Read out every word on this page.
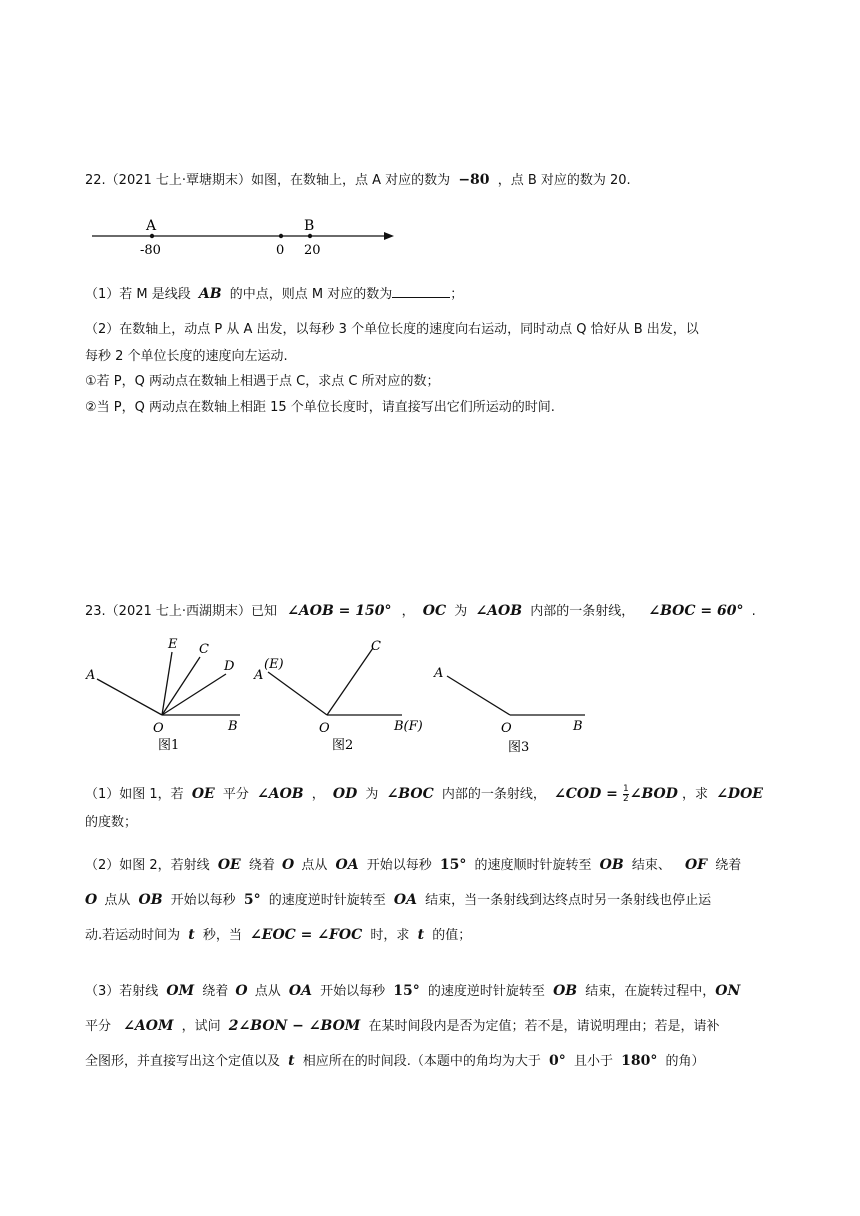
22.（2021 七上·覃塘期末）如图，在数轴上，点 A 对应的数为 −80 ，点 B 对应的数为 20.
A	B
-80	0 20
（1）若 M 是线段 AB 的中点，则点 M 对应的数为	；
（2）在数轴上，动点 P 从 A 出发，以每秒 3 个单位长度的速度向右运动，同时动点 Q 恰好从 B 出发，以
每秒 2 个单位长度的速度向左运动.
①若 P，Q 两动点在数轴上相遇于点 C，求点 C 所对应的数；
②当 P，Q 两动点在数轴上相距 15 个单位长度时，请直接写出它们所运动的时间.
23.（2021 七上·西湖期末）已知 ∠AOB = 150° ， OC 为 ∠AOB 内部的一条射线， ∠BOC = 60° .
A
E C
D
O	B
图1
A
(E)
C
O	B(F)
图2
A
O	B
图3
（1）如图 1，若 OE 平分 ∠AOB ， OD 为 ∠BOC 内部的一条射线， ∠COD = $\frac{1}{2}$ ∠BOD ，求 ∠DOE
的度数；
（2）如图 2，若射线 OE 绕着 O 点从 OA 开始以每秒 15° 的速度顺时针旋转至 OB 结束、 OF 绕着
O 点从 OB 开始以每秒 5° 的速度逆时针旋转至 OA 结束，当一条射线到达终点时另一条射线也停止运
动.若运动时间为 t 秒，当 ∠EOC = ∠FOC 时，求 t 的值；
（3）若射线 OM 绕着 O 点从 OA 开始以每秒 15° 的速度逆时针旋转至 OB 结束，在旋转过程中，ON
平分 ∠AOM ，试问 2∠BON − ∠BOM 在某时间段内是否为定值；若不是，请说明理由；若是，请补
全图形，并直接写出这个定值以及 t 相应所在的时间段.（本题中的角均为大于 0° 且小于 180° 的角）
